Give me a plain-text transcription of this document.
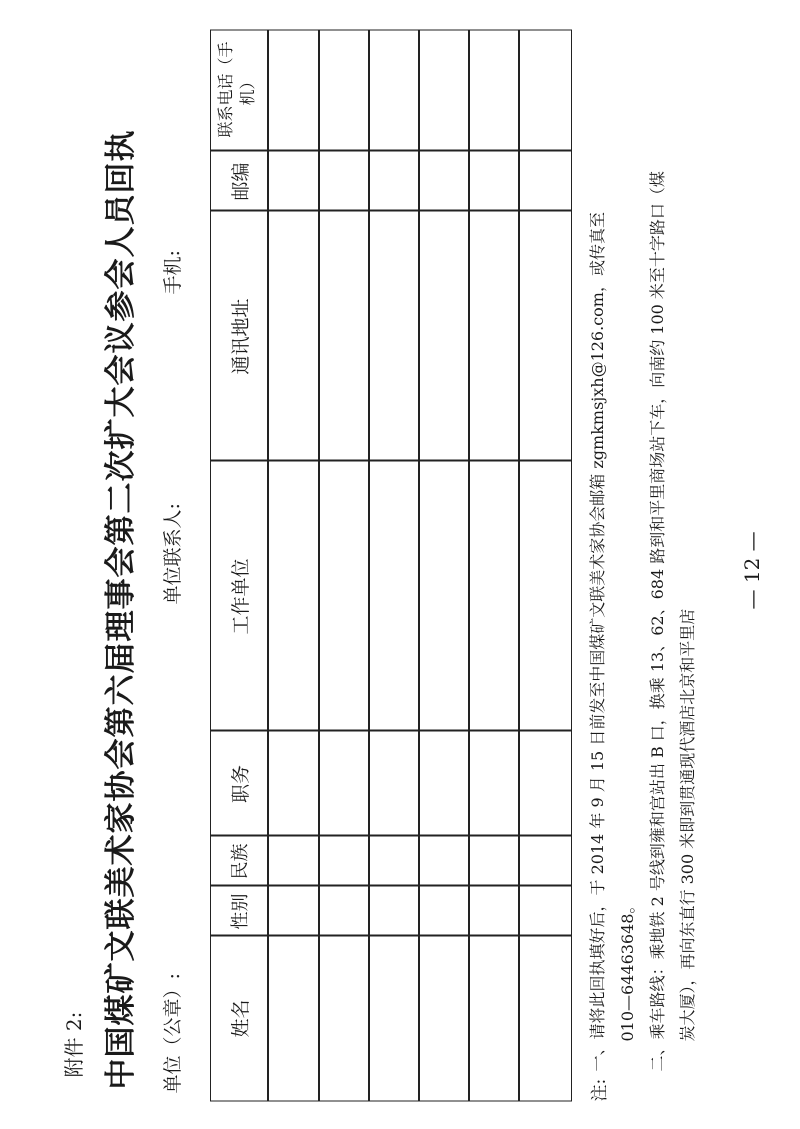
附件 2: 中国煤矿文联美术家协会第六届理事会第二次扩大会议参会人员回执 单位（公章）:
单位联系人:
手机:
姓名
性别
民族
职务
工作单位
通讯地址
邮编
联系电话（手机）
注:
一、请将此回执填好后，于 2014 年 9 月 15 日前发至中国煤矿文联美术家协会邮箱 zgmkmsjxh@126.com，或传真至 010—64463648。 二、乘车路线：乘地铁 2 号线到雍和宫站出 B 口，换乘 13、62、684 路到和平里商场站下车，向南约 100 米至十字路口（煤 炭大厦），再向东直行 300 米即到贯通现代酒店北京和平里店
— 12 —
